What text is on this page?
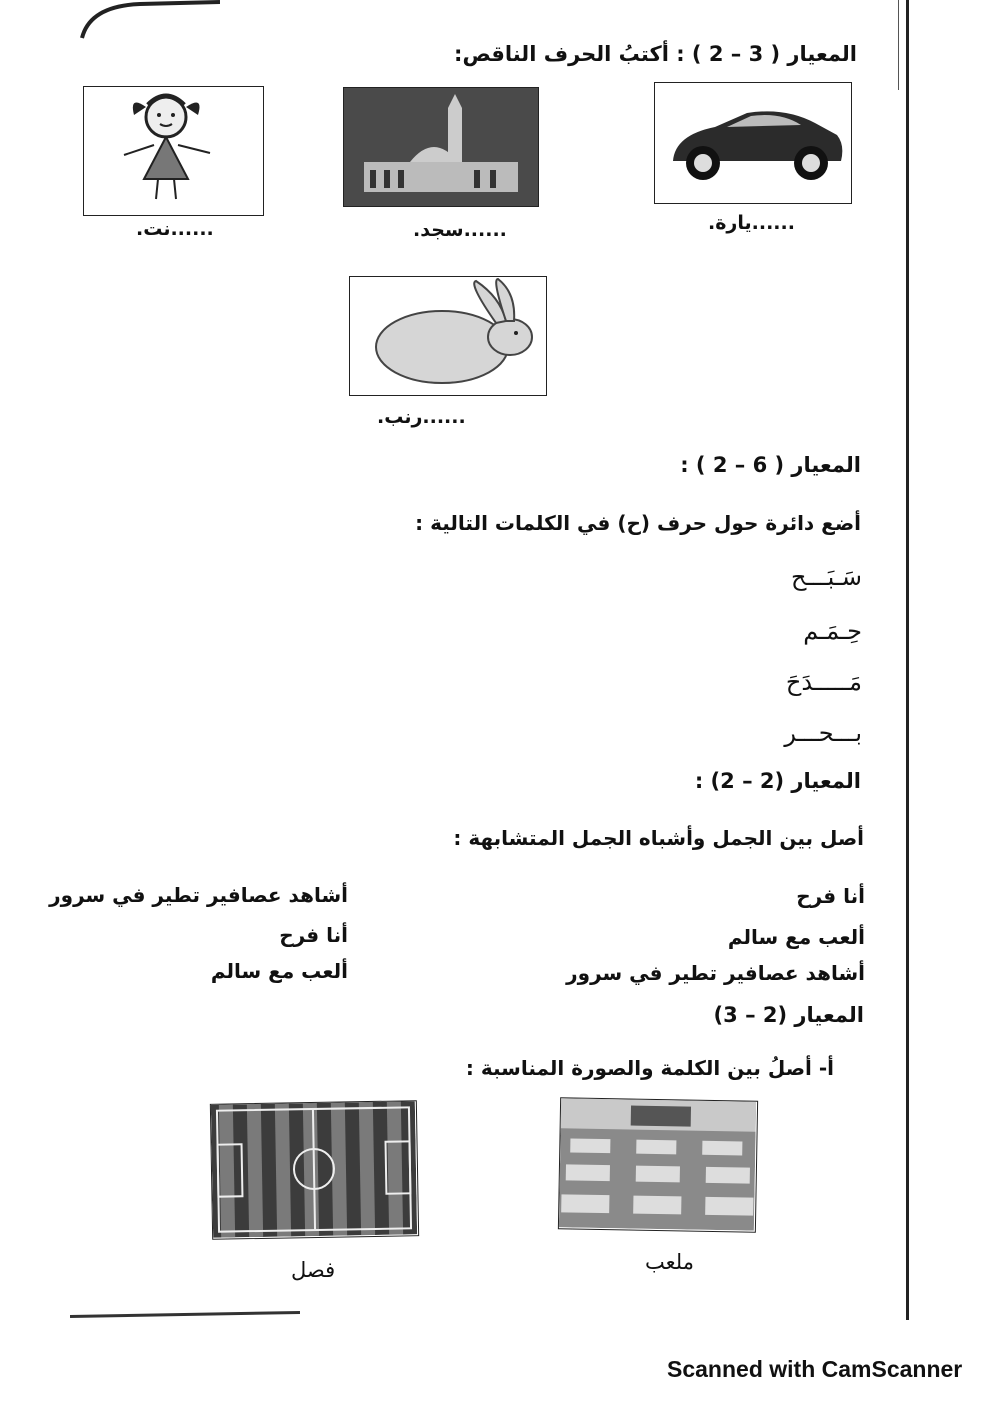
المعيار ( 3 – 2 ) : أكتبُ الحرف الناقص:
......يارة.
......سجد.
......نت.
......رنب.
المعيار ( 6 – 2 ) :
أضع دائرة حول حرف (ح) في الكلمات التالية :
سَـبَـــح
حِـمَـم
مَـــــدَحَ
بـــحـــر
المعيار (2 – 2) :
أصل بين الجمل وأشباه الجمل المتشابهة :
أنا فرح
ألعب مع سالم
أشاهد عصافير تطير في سرور
أشاهد عصافير تطير في سرور
أنا فرح
ألعب مع سالم
المعيار (2 – 3)
أ- أصلُ بين الكلمة والصورة المناسبة :
ملعب
فصل
Scanned with CamScanner
